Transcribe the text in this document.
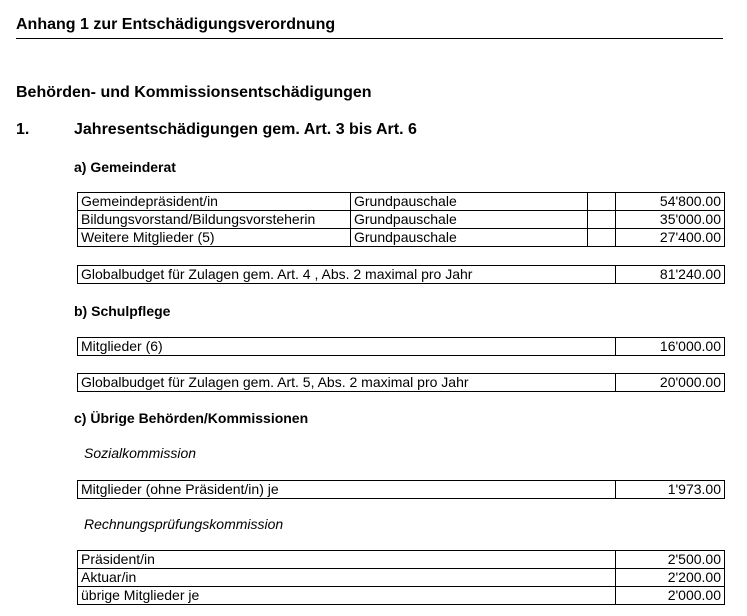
Anhang 1 zur Entschädigungsverordnung
Behörden- und Kommissionsentschädigungen
1.	Jahresentschädigungen gem. Art. 3 bis Art. 6
a) Gemeinderat
Gemeindepräsident/in	Grundpauschale		54'800.00
Bildungsvorstand/Bildungsvorsteherin	Grundpauschale		35'000.00
Weitere Mitglieder (5)	Grundpauschale		27'400.00
Globalbudget für Zulagen gem. Art. 4 , Abs. 2 maximal pro Jahr	81'240.00
b) Schulpflege
Mitglieder (6)	16'000.00
Globalbudget für Zulagen gem. Art. 5, Abs. 2 maximal pro Jahr	20'000.00
c) Übrige Behörden/Kommissionen
Sozialkommission
Mitglieder (ohne Präsident/in) je	1'973.00
Rechnungsprüfungskommission
Präsident/in	2'500.00
Aktuar/in	2'200.00
übrige Mitglieder je	2'000.00
